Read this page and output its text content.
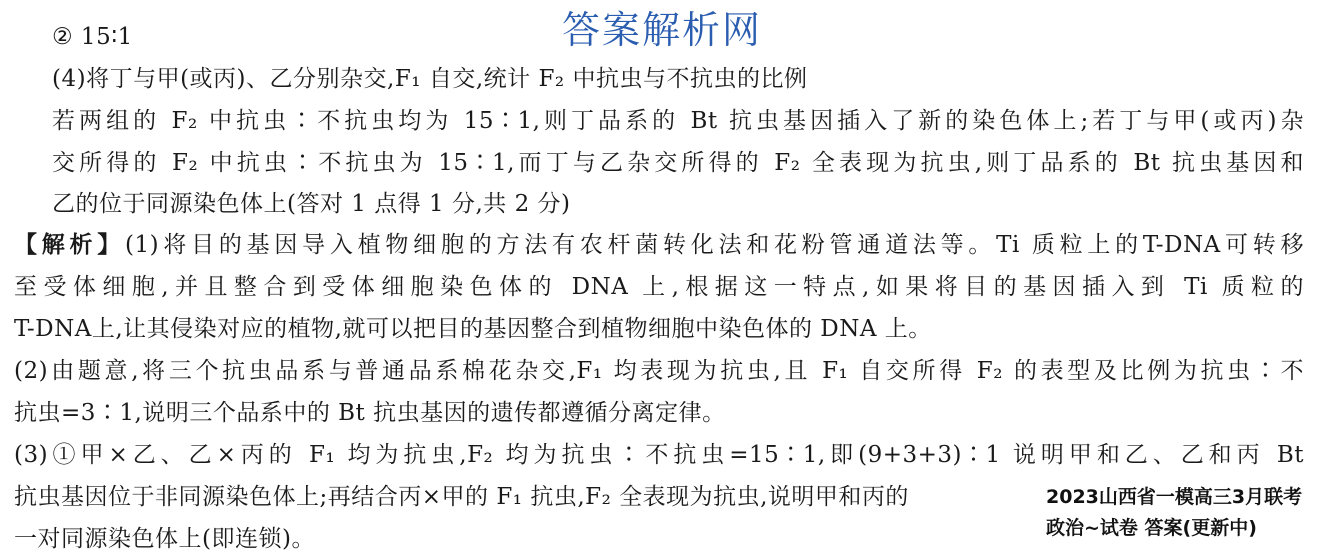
答案解析网
② 15∶1
(4)将丁与甲(或丙)、乙分别杂交,F₁ 自交,统计 F₂ 中抗虫与不抗虫的比例
若两组的 F₂ 中抗虫∶不抗虫均为 15∶1,则丁品系的 Bt 抗虫基因插入了新的染色体上;若丁与甲(或丙)杂
交所得的 F₂ 中抗虫∶不抗虫为 15∶1,而丁与乙杂交所得的 F₂ 全表现为抗虫,则丁品系的 Bt 抗虫基因和
乙的位于同源染色体上(答对 1 点得 1 分,共 2 分)
【解析】(1)将目的基因导入植物细胞的方法有农杆菌转化法和花粉管通道法等。Ti 质粒上的T-DNA可转移
至受体细胞,并且整合到受体细胞染色体的 DNA 上,根据这一特点,如果将目的基因插入到 Ti 质粒的
T-DNA上,让其侵染对应的植物,就可以把目的基因整合到植物细胞中染色体的 DNA 上。
(2)由题意,将三个抗虫品系与普通品系棉花杂交,F₁ 均表现为抗虫,且 F₁ 自交所得 F₂ 的表型及比例为抗虫∶不
抗虫=3∶1,说明三个品系中的 Bt 抗虫基因的遗传都遵循分离定律。
(3)①甲×乙、乙×丙的 F₁ 均为抗虫,F₂ 均为抗虫∶不抗虫=15∶1,即(9+3+3)∶1 说明甲和乙、乙和丙 Bt
抗虫基因位于非同源染色体上;再结合丙×甲的 F₁ 抗虫,F₂ 全表现为抗虫,说明甲和丙的
一对同源染色体上(即连锁)。
2023山西省一模高三3月联考
政治~试卷 答案(更新中)
